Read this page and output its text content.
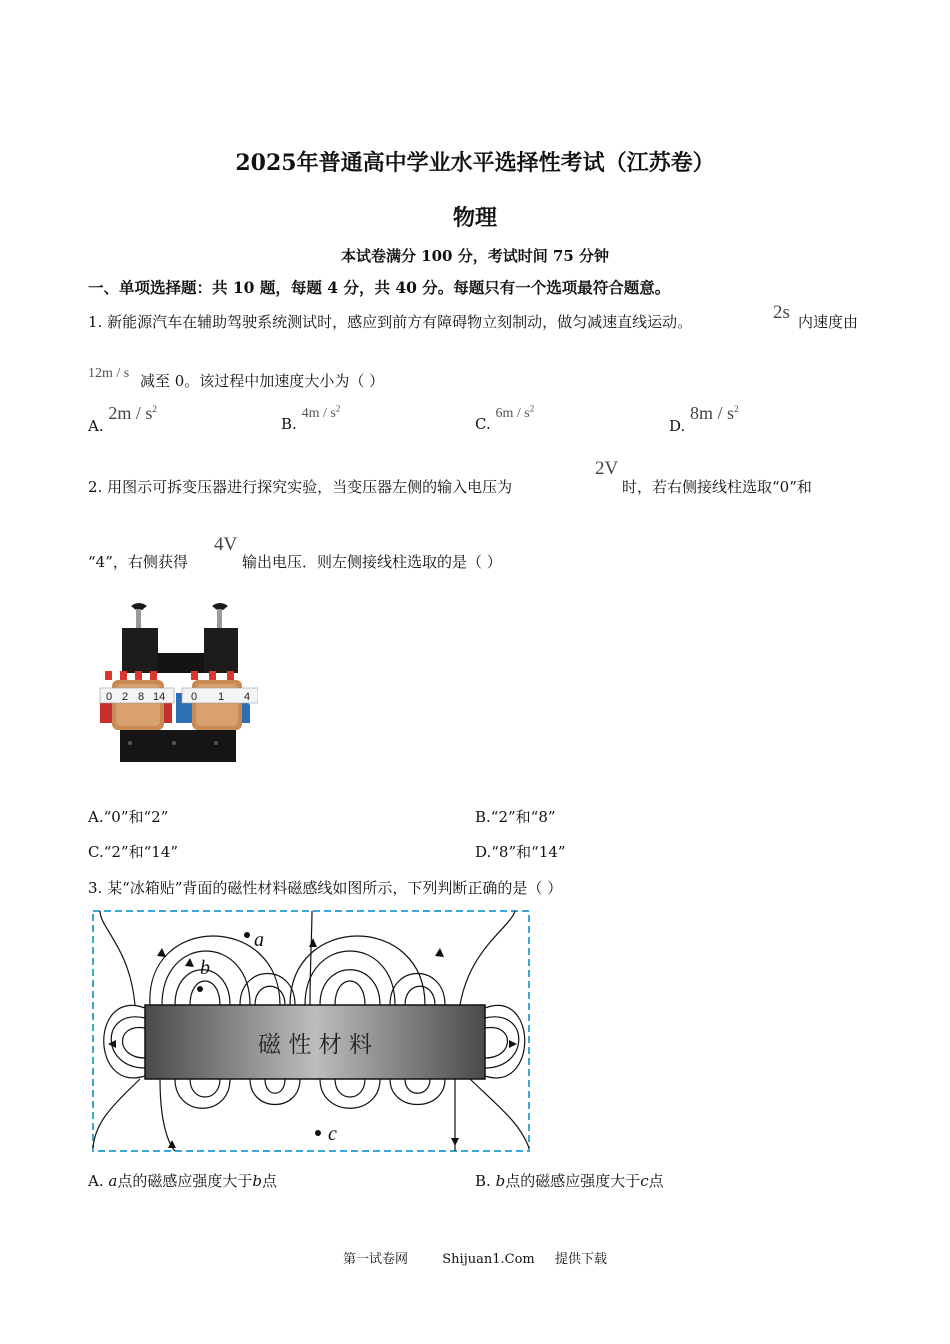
2025年普通高中学业水平选择性考试（江苏卷）
物理
本试卷满分 100 分，考试时间 75 分钟
一、单项选择题：共 10 题，每题 4 分，共 40 分。每题只有一个选项最符合题意。
1. 新能源汽车在辅助驾驶系统测试时，感应到前方有障碍物立刻制动，做匀减速直线运动。	2s 内速度由
12m / s 减至 0。该过程中加速度大小为（ ）
A. $2m / s^2$
B. $4m / s^2$
C. $6m / s^2$
D. $8m / s^2$
2. 用图示可拆变压器进行探究实验，当变压器左侧的输入电压为
2V
时，若右侧接线柱选取“0”和
“4”，右侧获得
4V
输出电压．则左侧接线柱选取的是（ ）
0 2 8 14 0 1 4
A.“0”和“2”	B.“2”和“8”
C.“2”和“14”	D.“8”和“14”
3. 某“冰箱贴”背面的磁性材料磁感线如图所示，下列判断正确的是（ ）
磁 性 材 料
a
b
c
A. a点的磁感应强度大于b点	B. b点的磁感应强度大于c点
第一试卷网	Shijuan1.Com 提供下载
